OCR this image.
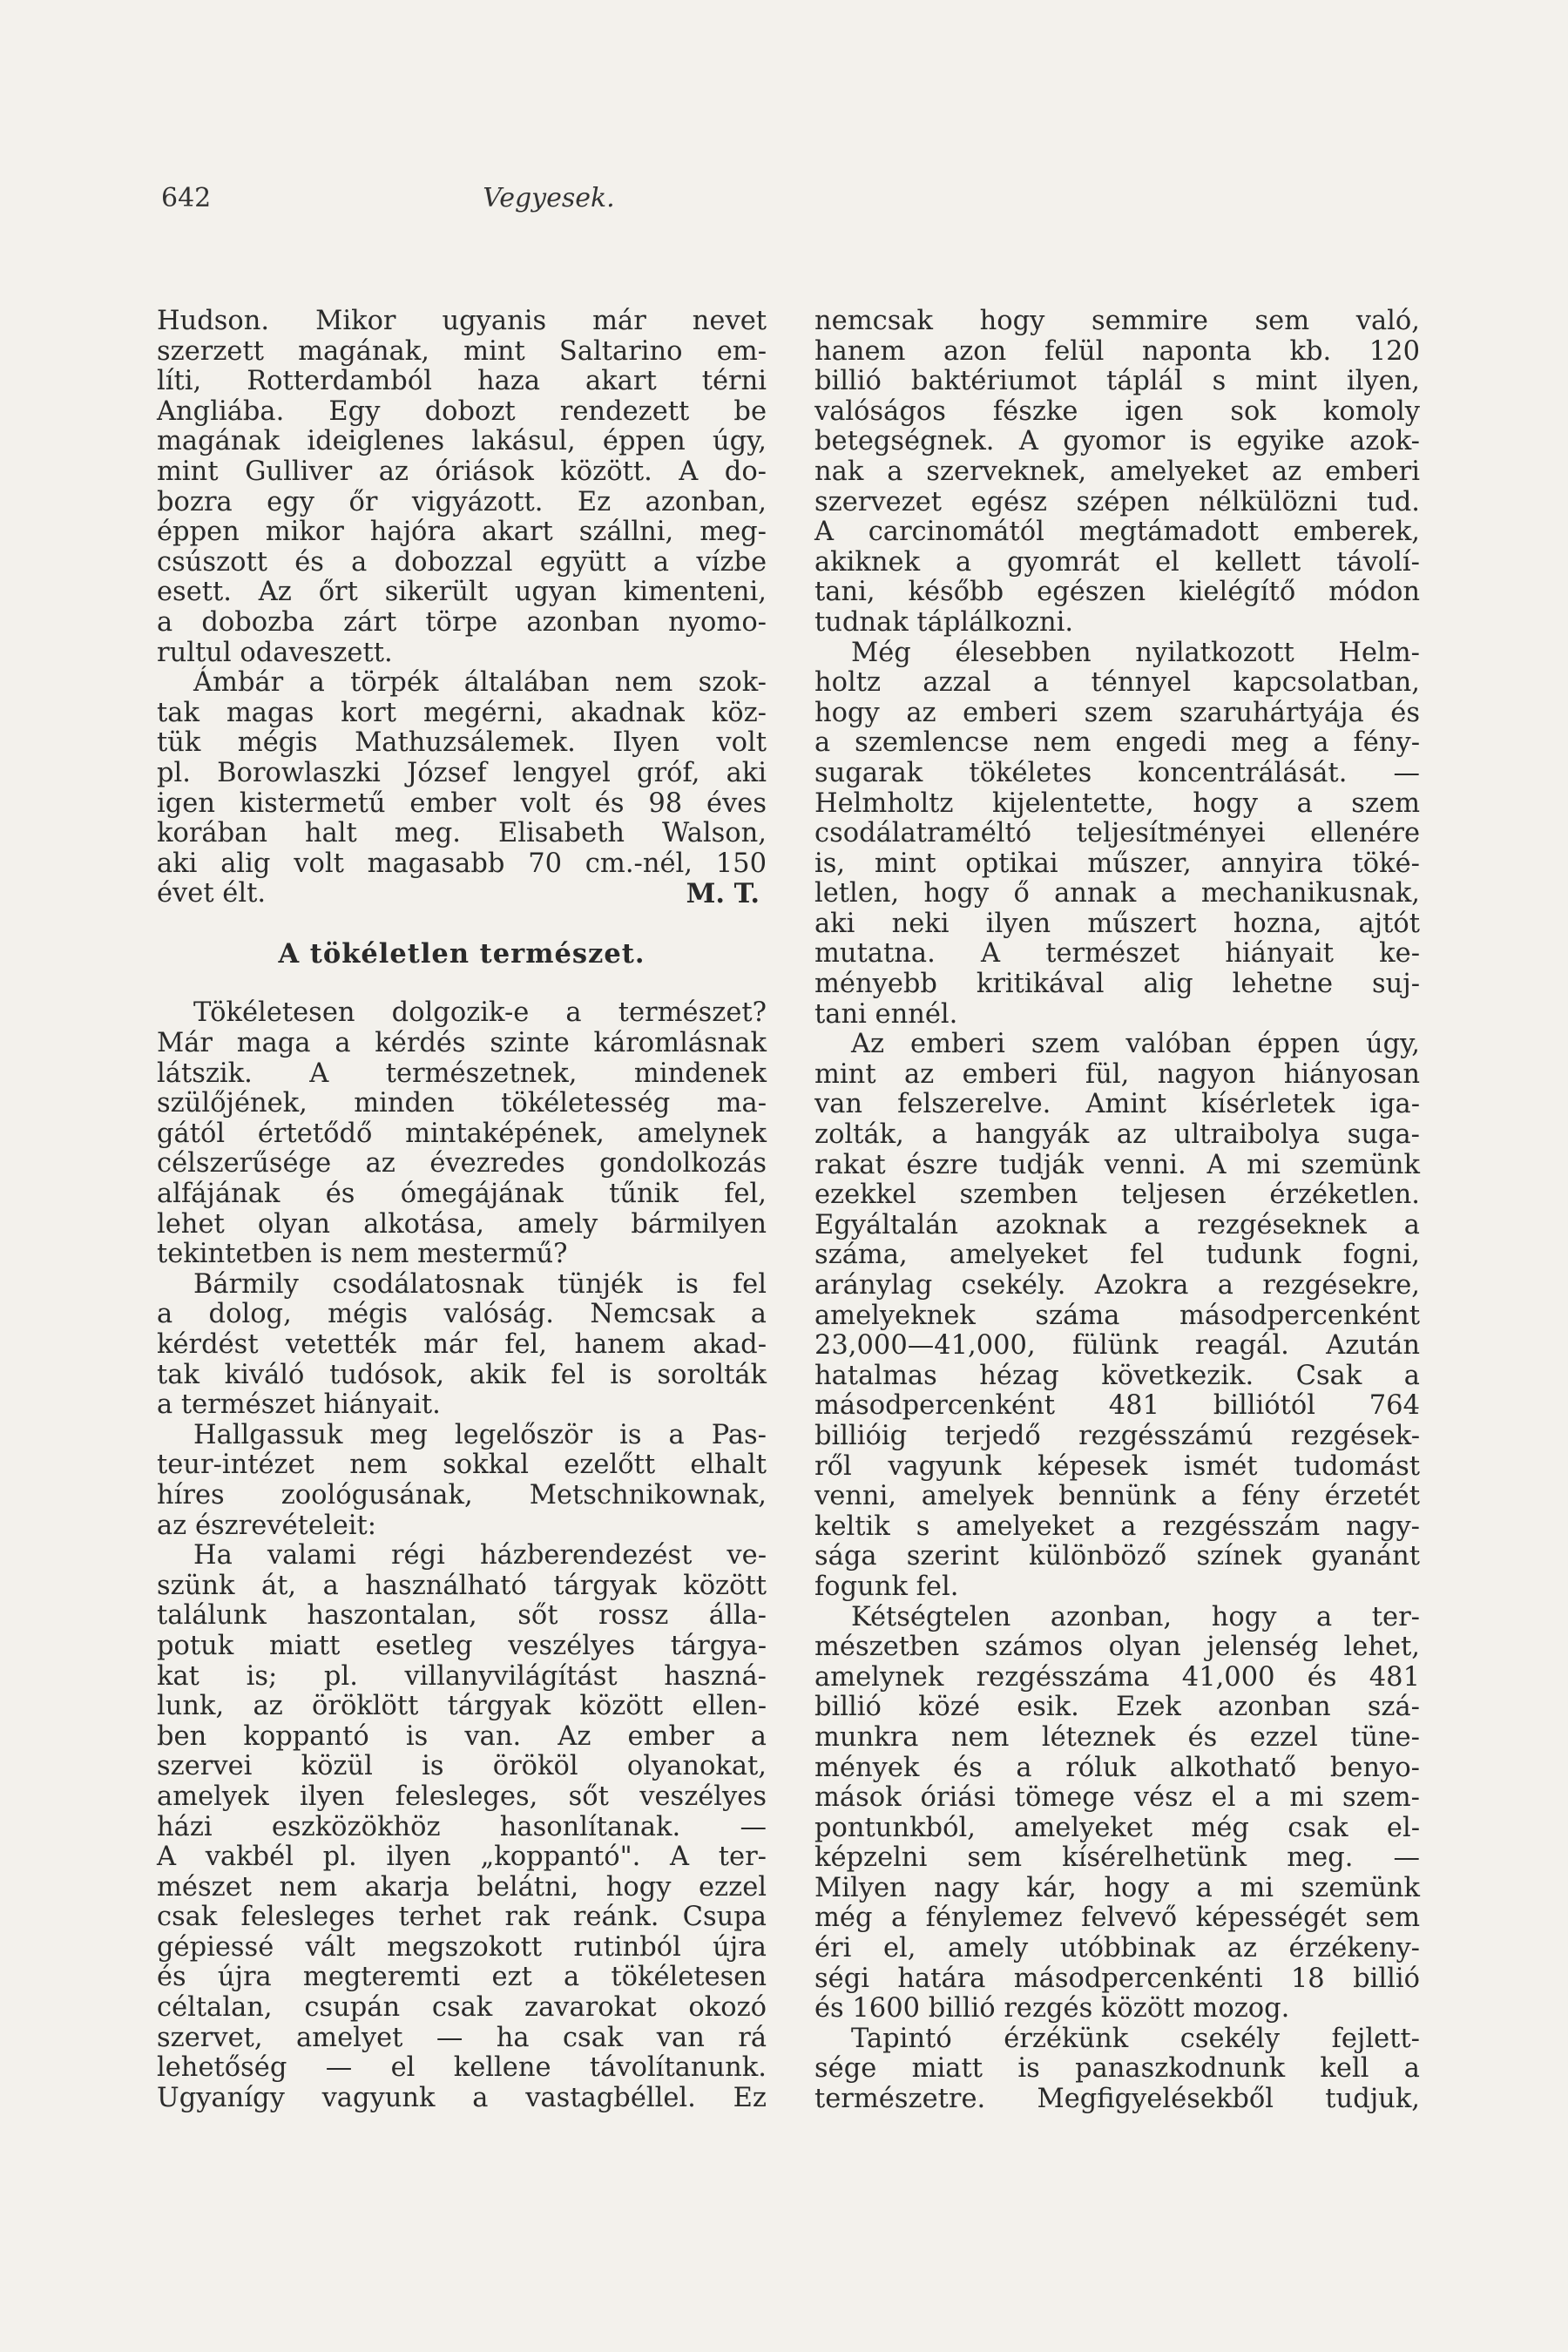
642	Vegyesek.
Hudson. Mikor ugyanis már nevet
szerzett magának, mint Saltarino em-
líti, Rotterdamból haza akart térni
Angliába. Egy dobozt rendezett be
magának ideiglenes lakásul, éppen úgy,
mint Gulliver az óriások között. A do-
bozra egy őr vigyázott. Ez azonban,
éppen mikor hajóra akart szállni, meg-
csúszott és a dobozzal együtt a vízbe
esett. Az őrt sikerült ugyan kimenteni,
a dobozba zárt törpe azonban nyomo-
rultul odaveszett.
Ámbár a törpék általában nem szok-
tak magas kort megérni, akadnak köz-
tük mégis Mathuzsálemek. Ilyen volt
pl. Borowlaszki József lengyel gróf, aki
igen kistermetű ember volt és 98 éves
korában halt meg. Elisabeth Walson,
aki alig volt magasabb 70 cm.-nél, 150
évet élt.	M. T.
A tökéletlen természet.
Tökéletesen dolgozik-e a természet?
Már maga a kérdés szinte káromlásnak
látszik. A természetnek, mindenek
szülőjének, minden tökéletesség ma-
gától értetődő mintaképének, amelynek
célszerűsége az évezredes gondolkozás
alfájának és ómegájának tűnik fel,
lehet olyan alkotása, amely bármilyen
tekintetben is nem mestermű?
Bármily csodálatosnak tünjék is fel
a dolog, mégis valóság. Nemcsak a
kérdést vetették már fel, hanem akad-
tak kiváló tudósok, akik fel is sorolták
a természet hiányait.
Hallgassuk meg legelőször is a Pas-
teur-intézet nem sokkal ezelőtt elhalt
híres zoológusának, Metschnikownak,
az észrevételeit:
Ha valami régi házberendezést ve-
szünk át, a használható tárgyak között
találunk haszontalan, sőt rossz álla-
potuk miatt esetleg veszélyes tárgya-
kat is; pl. villanyvilágítást haszná-
lunk, az öröklött tárgyak között ellen-
ben koppantó is van. Az ember a
szervei közül is örököl olyanokat,
amelyek ilyen felesleges, sőt veszélyes
házi eszközökhöz hasonlítanak. —
A vakbél pl. ilyen „koppantó". A ter-
mészet nem akarja belátni, hogy ezzel
csak felesleges terhet rak reánk. Csupa
gépiessé vált megszokott rutinból újra
és újra megteremti ezt a tökéletesen
céltalan, csupán csak zavarokat okozó
szervet, amelyet — ha csak van rá
lehetőség — el kellene távolítanunk.
Ugyanígy vagyunk a vastagbéllel. Ez
nemcsak hogy semmire sem való,
hanem azon felül naponta kb. 120
billió baktériumot táplál s mint ilyen,
valóságos fészke igen sok komoly
betegségnek. A gyomor is egyike azok-
nak a szerveknek, amelyeket az emberi
szervezet egész szépen nélkülözni tud.
A carcinomától megtámadott emberek,
akiknek a gyomrát el kellett távolí-
tani, később egészen kielégítő módon
tudnak táplálkozni.
Még élesebben nyilatkozott Helm-
holtz azzal a ténnyel kapcsolatban,
hogy az emberi szem szaruhártyája és
a szemlencse nem engedi meg a fény-
sugarak tökéletes koncentrálását. —
Helmholtz kijelentette, hogy a szem
csodálatraméltó teljesítményei ellenére
is, mint optikai műszer, annyira töké-
letlen, hogy ő annak a mechanikusnak,
aki neki ilyen műszert hozna, ajtót
mutatna. A természet hiányait ke-
ményebb kritikával alig lehetne suj-
tani ennél.
Az emberi szem valóban éppen úgy,
mint az emberi fül, nagyon hiányosan
van felszerelve. Amint kísérletek iga-
zolták, a hangyák az ultraibolya suga-
rakat észre tudják venni. A mi szemünk
ezekkel szemben teljesen érzéketlen.
Egyáltalán azoknak a rezgéseknek a
száma, amelyeket fel tudunk fogni,
aránylag csekély. Azokra a rezgésekre,
amelyeknek száma másodpercenként
23,000—41,000, fülünk reagál. Azután
hatalmas hézag következik. Csak a
másodpercenként 481 billiótól 764
billióig terjedő rezgésszámú rezgések-
ről vagyunk képesek ismét tudomást
venni, amelyek bennünk a fény érzetét
keltik s amelyeket a rezgésszám nagy-
sága szerint különböző színek gyanánt
fogunk fel.
Kétségtelen azonban, hogy a ter-
mészetben számos olyan jelenség lehet,
amelynek rezgésszáma 41,000 és 481
billió közé esik. Ezek azonban szá-
munkra nem léteznek és ezzel tüne-
mények és a róluk alkothatő benyo-
mások óriási tömege vész el a mi szem-
pontunkból, amelyeket még csak el-
képzelni sem kísérelhetünk meg. —
Milyen nagy kár, hogy a mi szemünk
még a fénylemez felvevő képességét sem
éri el, amely utóbbinak az érzékeny-
ségi határa másodpercenkénti 18 billió
és 1600 billió rezgés között mozog.
Tapintó érzékünk csekély fejlett-
sége miatt is panaszkodnunk kell a
természetre. Megfigyelésekből tudjuk,
